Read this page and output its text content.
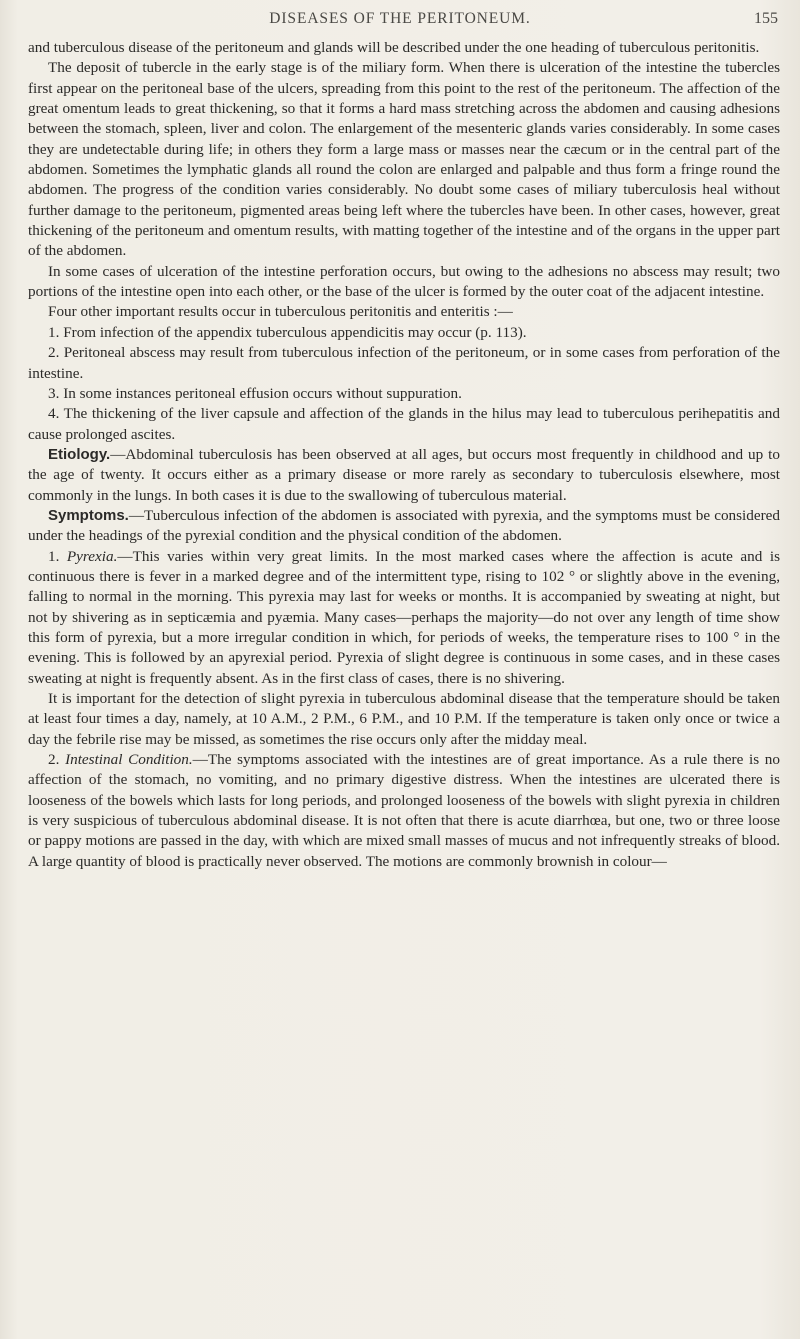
DISEASES OF THE PERITONEUM.	155

and tuberculous disease of the peritoneum and glands will be described under the one heading of tuberculous peritonitis.

The deposit of tubercle in the early stage is of the miliary form. When there is ulceration of the intestine the tubercles first appear on the peritoneal base of the ulcers, spreading from this point to the rest of the peritoneum. The affection of the great omentum leads to great thickening, so that it forms a hard mass stretching across the abdomen and causing adhesions between the stomach, spleen, liver and colon. The enlargement of the mesenteric glands varies considerably. In some cases they are undetectable during life; in others they form a large mass or masses near the cæcum or in the central part of the abdomen. Sometimes the lymphatic glands all round the colon are enlarged and palpable and thus form a fringe round the abdomen. The progress of the condition varies considerably. No doubt some cases of miliary tuberculosis heal without further damage to the peritoneum, pigmented areas being left where the tubercles have been. In other cases, however, great thickening of the peritoneum and omentum results, with matting together of the intestine and of the organs in the upper part of the abdomen.

In some cases of ulceration of the intestine perforation occurs, but owing to the adhesions no abscess may result; two portions of the intestine open into each other, or the base of the ulcer is formed by the outer coat of the adjacent intestine.

Four other important results occur in tuberculous peritonitis and enteritis :—

1. From infection of the appendix tuberculous appendicitis may occur (p. 113).

2. Peritoneal abscess may result from tuberculous infection of the peritoneum, or in some cases from perforation of the intestine.

3. In some instances peritoneal effusion occurs without suppuration.

4. The thickening of the liver capsule and affection of the glands in the hilus may lead to tuberculous perihepatitis and cause prolonged ascites.

Etiology.—Abdominal tuberculosis has been observed at all ages, but occurs most frequently in childhood and up to the age of twenty. It occurs either as a primary disease or more rarely as secondary to tuberculosis elsewhere, most commonly in the lungs. In both cases it is due to the swallowing of tuberculous material.

Symptoms.—Tuberculous infection of the abdomen is associated with pyrexia, and the symptoms must be considered under the headings of the pyrexial condition and the physical condition of the abdomen.

1. Pyrexia.—This varies within very great limits. In the most marked cases where the affection is acute and is continuous there is fever in a marked degree and of the intermittent type, rising to 102 ° or slightly above in the evening, falling to normal in the morning. This pyrexia may last for weeks or months. It is accompanied by sweating at night, but not by shivering as in septicæmia and pyæmia. Many cases—perhaps the majority—do not over any length of time show this form of pyrexia, but a more irregular condition in which, for periods of weeks, the temperature rises to 100 ° in the evening. This is followed by an apyrexial period. Pyrexia of slight degree is continuous in some cases, and in these cases sweating at night is frequently absent. As in the first class of cases, there is no shivering.

It is important for the detection of slight pyrexia in tuberculous abdominal disease that the temperature should be taken at least four times a day, namely, at 10 A.M., 2 P.M., 6 P.M., and 10 P.M. If the temperature is taken only once or twice a day the febrile rise may be missed, as sometimes the rise occurs only after the midday meal.

2. Intestinal Condition.—The symptoms associated with the intestines are of great importance. As a rule there is no affection of the stomach, no vomiting, and no primary digestive distress. When the intestines are ulcerated there is looseness of the bowels which lasts for long periods, and prolonged looseness of the bowels with slight pyrexia in children is very suspicious of tuberculous abdominal disease. It is not often that there is acute diarrhœa, but one, two or three loose or pappy motions are passed in the day, with which are mixed small masses of mucus and not infrequently streaks of blood. A large quantity of blood is practically never observed. The motions are commonly brownish in colour—
